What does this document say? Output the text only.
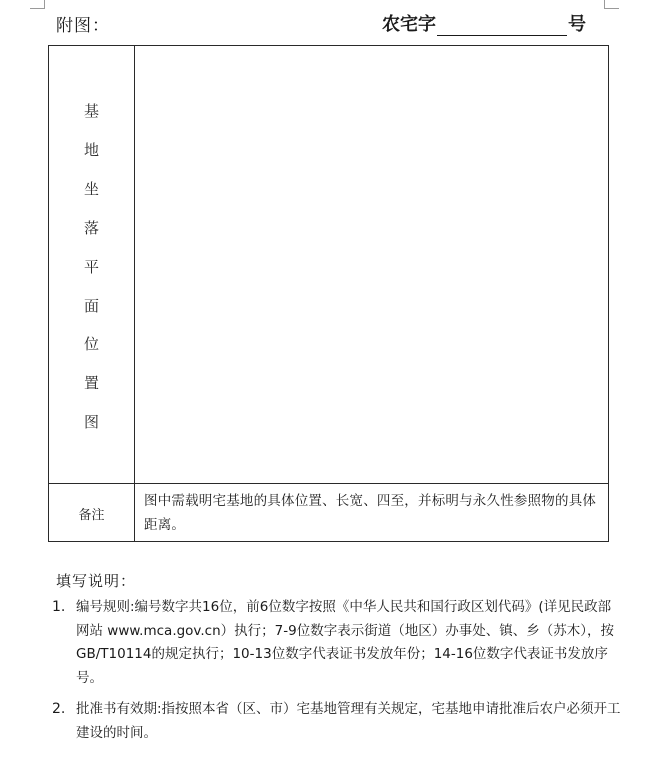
附图：	农宅字	号
基
地
坐
落
平
面
位
置
图
备注
图中需载明宅基地的具体位置、长宽、四至，并标明与永久性参照物的具体距离。
填写说明：
1. 编号规则:编号数字共16位，前6位数字按照《中华人民共和国行政区划代码》(详见民政部网站 www.mca.gov.cn）执行；7-9位数字表示街道（地区）办事处、镇、乡（苏木），按GB/T10114的规定执行；10-13位数字代表证书发放年份；14-16位数字代表证书发放序号。
2. 批准书有效期:指按照本省（区、市）宅基地管理有关规定，宅基地申请批准后农户必须开工建设的时间。
